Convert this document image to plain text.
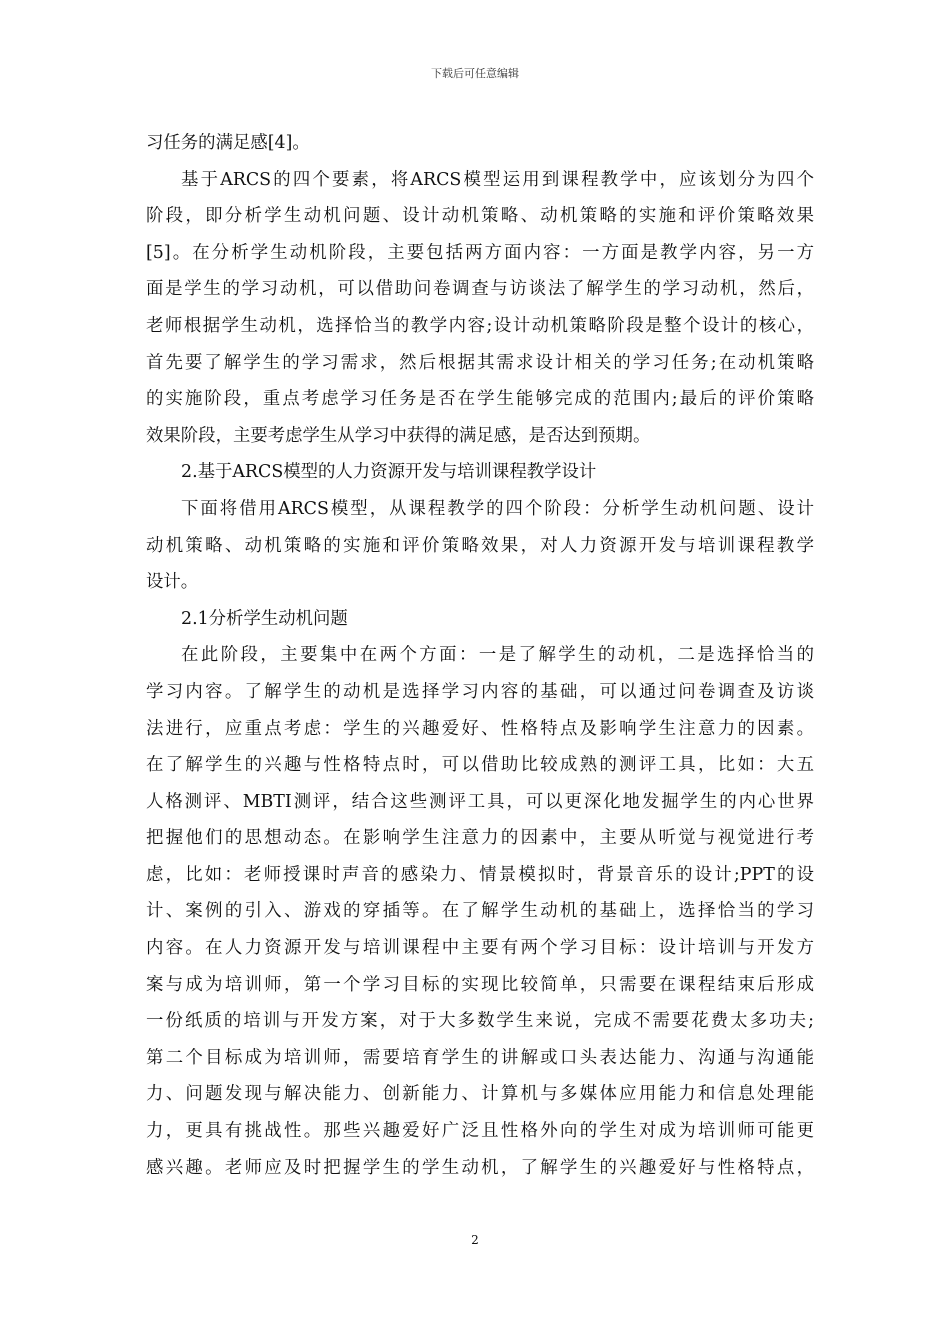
下载后可任意编辑
习任务的满足感[4]。
基于ARCS的四个要素，将ARCS模型运用到课程教学中，应该划分为四个
阶段，即分析学生动机问题、设计动机策略、动机策略的实施和评价策略效果
[5]。在分析学生动机阶段，主要包括两方面内容：一方面是教学内容，另一方
面是学生的学习动机，可以借助问卷调查与访谈法了解学生的学习动机，然后，
老师根据学生动机，选择恰当的教学内容;设计动机策略阶段是整个设计的核心，
首先要了解学生的学习需求，然后根据其需求设计相关的学习任务;在动机策略
的实施阶段，重点考虑学习任务是否在学生能够完成的范围内;最后的评价策略
效果阶段，主要考虑学生从学习中获得的满足感，是否达到预期。
2.基于ARCS模型的人力资源开发与培训课程教学设计
下面将借用ARCS模型，从课程教学的四个阶段：分析学生动机问题、设计
动机策略、动机策略的实施和评价策略效果，对人力资源开发与培训课程教学
设计。
2.1分析学生动机问题
在此阶段，主要集中在两个方面：一是了解学生的动机，二是选择恰当的
学习内容。了解学生的动机是选择学习内容的基础，可以通过问卷调查及访谈
法进行，应重点考虑：学生的兴趣爱好、性格特点及影响学生注意力的因素。
在了解学生的兴趣与性格特点时，可以借助比较成熟的测评工具，比如：大五
人格测评、MBTI测评，结合这些测评工具，可以更深化地发掘学生的内心世界
把握他们的思想动态。在影响学生注意力的因素中，主要从听觉与视觉进行考
虑，比如：老师授课时声音的感染力、情景模拟时，背景音乐的设计;PPT的设
计、案例的引入、游戏的穿插等。在了解学生动机的基础上，选择恰当的学习
内容。在人力资源开发与培训课程中主要有两个学习目标：设计培训与开发方
案与成为培训师，第一个学习目标的实现比较简单，只需要在课程结束后形成
一份纸质的培训与开发方案，对于大多数学生来说，完成不需要花费太多功夫;
第二个目标成为培训师，需要培育学生的讲解或口头表达能力、沟通与沟通能
力、问题发现与解决能力、创新能力、计算机与多媒体应用能力和信息处理能
力，更具有挑战性。那些兴趣爱好广泛且性格外向的学生对成为培训师可能更
感兴趣。老师应及时把握学生的学生动机，了解学生的兴趣爱好与性格特点，
2
